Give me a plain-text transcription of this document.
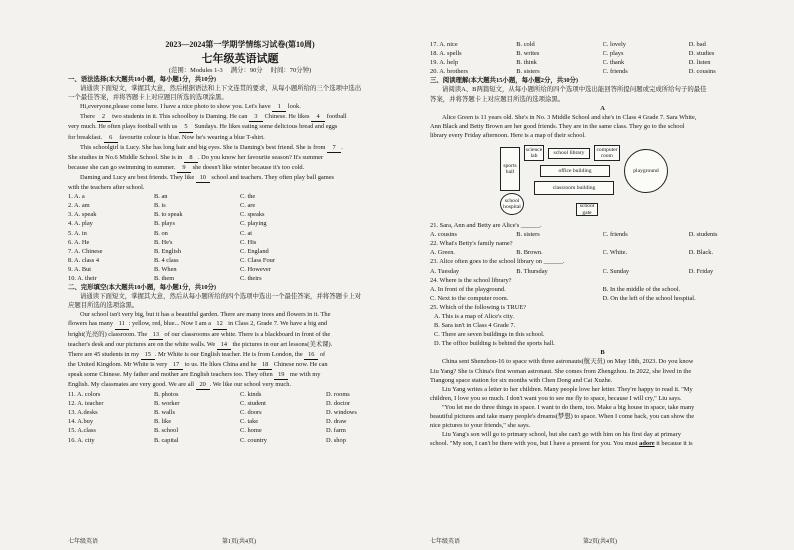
2023—2024第一学期学情练习试卷(第10周)
七年级英语试题
(范围：Modules 1-3 满分：90分 时间：70分钟)
一、语法选择(本大题共10小题，每小题1分，共10分)
请通读下面短文，掌握其大意，然后根据语法和上下文连贯的要求，从每小题所给的三个选项中选出
一个最佳答案，并将答题卡上对应题目所选的选项涂黑。
Hi,everyone,please come here. I have a nice photo to show you. Let's have 1 look.
There 2 two students in it. This schoolboy is Daming. He can 3 Chinese. He likes 4 football
very much. He often plays football with us 5 Sundays. He likes eating some delicious bread and eggs
for breakfast. 6 favourite colour is blue. Now he's wearing a blue T-shirt.
This schoolgirl is Lucy. She has long hair and big eyes. She is Daming's best friend. She is from 7 .
She studies in No.6 Middle School. She is in 8 . Do you know her favourite season? It's summer
because she can go swimming in summer. 9 she doesn't like winter because it's too cold.
Daming and Lucy are best friends. They like 10 school and teachers. They often play ball games
with the teachers after school.
1. A. a	B. an	C. the
2. A. am	B. is	C. are
3. A. speak	B. to speak	C. speaks
4. A. play	B. plays	C. playing
5. A. in	B. on	C. at
6. A. He	B. He's	C. His
7. A. Chinese	B. English	C. England
8. A. class 4	B. 4 class	C. Class Four
9. A. But	B. When	C. However
10. A. their	B. them	C. theirs
二、完形填空(本大题共10小题，每小题1分，共10分)
请通读下面短文，掌握其大意，然后从每小题所给的四个选项中选出一个最佳答案，并将答题卡上对
应题目所选的选项涂黑。
Our school isn't very big, but it has a beautiful garden. There are many trees and flowers in it. The
flowers has many 11 : yellow, red, blue... Now I am a 12 in Class 2, Grade 7. We have a big and
bright(光亮的) classroom. The 13 of our classrooms are white. There is a blackboard in front of the
teacher's desk and our pictures are on the white walls. We 14 the pictures in our art lessons(美术课).
There are 45 students in my 15 . Mr White is our English teacher. He is from London, the 16 of
the United Kingdom. Mr White is very 17 to us. He likes China and he 18 Chinese now. He can
speak some Chinese. My father and mother are English teachers too. They often 19 me with my
English. My classmates are very good. We are all 20 . We like our school very much.
11. A. colors	B. photos	C. kinds	D. rooms
12. A. teacher	B. worker	C. student	D. doctor
13. A.desks	B. walls	C. doors	D. windows
14. A.buy	B. like	C. take	D. draw
15. A.class	B. school	C. home	D. farm
16. A. city	B. capital	C. country	D. shop
17. A. nice	B. cold	C. lovely	D. bad
18. A. spells	B. writes	C. plays	D. studies
19. A. help	B. think	C. thank	D. listen
20. A. brothers	B. sisters	C. friends	D. cousins
三、阅读理解(本大题共15小题，每小题2分，共30分)
请阅读A、B两篇短文，从每小题所给的四个选项中选出能回答所提问题或完成所给句子的最佳
答案，并将答题卡上对应题目所选的选项涂黑。
A
Alice Green is 11 years old. She's in No. 3 Middle School and she's in Class 4 Grade 7. Sara White,
Ann Black and Betty Brown are her good friends. They are in the same class. They go to the school
library every Friday afternoon. Here is a map of their school.
sports hall
science lab	school library
computer room
office building
classroom building
school hospital
playground
school gate
21. Sara, Ann and Betty are Alice's ______.
A. cousins	B. sisters	C. friends	D. students
22. What's Betty's family name?
A. Green.	B. Brown.	C. White.	D. Black.
23. Alice often goes to the school library on ______.
A. Tuesday	B. Thursday	C. Sunday	D. Friday
24. Where is the school library?
A. In front of the playground.	B. In the middle of the school.
C. Next to the computer room.	D. On the left of the school hospital.
25. Which of the following is TRUE?
A. This is a map of Alice's city.
B. Sara isn't in Class 4 Grade 7.
C. There are seven buildings in this school.
D. The office building is behind the sports hall.
B
China sent Shenzhou-16 to space with three astronauts(航天员) on May 18th, 2023. Do you know
Liu Yang? She is China's first woman astronaut. She comes from Zhengzhou. In 2022, she lived in the
Tiangong space station for six months with Chen Dong and Cai Xuzhe.
Liu Yang writes a letter to her children. Many people love her letter. They're happy to read it. "My
children, I love you so much. I don't want you to see me fly to space, because I will cry," Liu says.
"You let me do three things in space. I want to do them, too. Make a big house in space, take many
beautiful pictures and take many people's dreams(梦想) to space. When I come back, you can show the
nice pictures to your friends," she says.
Liu Yang's son will go to primary school, but she can't go with him on his first day at primary
school. "My son, I can't be there with you, but I have a present for you. You must adore it because it is
七年级英语	第1页(共4页)	七年级英语	第2页(共4页)
